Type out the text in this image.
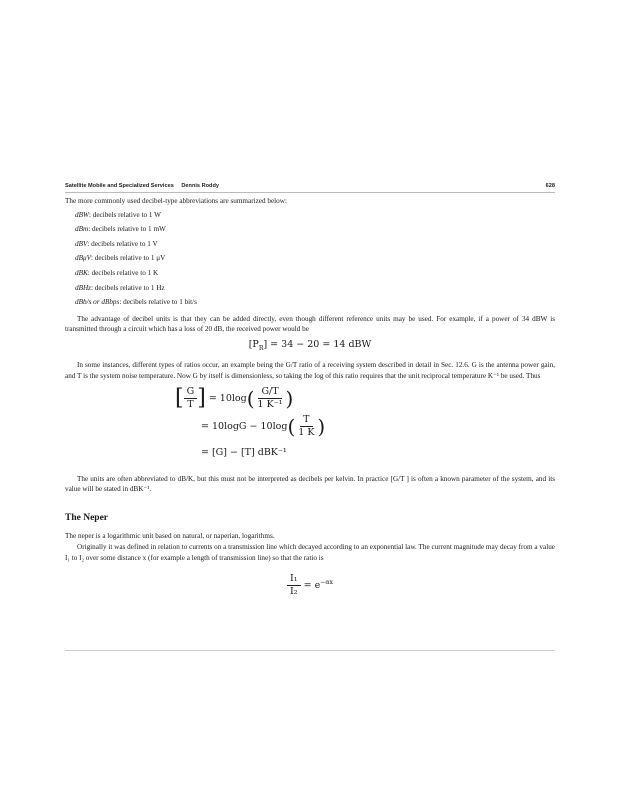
Satellite Mobile and Specialized Services Dennis Roddy	628

The more commonly used decibel-type abbreviations are summarized below:

dBW: decibels relative to 1 W
dBm: decibels relative to 1 mW
dBV: decibels relative to 1 V
dBμV: decibels relative to 1 μV
dBK: decibels relative to 1 K
dBHz: decibels relative to 1 Hz
dBb/s or dBbps: decibels relative to 1 bit/s

The advantage of decibel units is that they can be added directly, even though different reference units may be used. For example, if a power of 34 dBW is transmitted through a circuit which has a loss of 20 dB, the received power would be

$[P_R] = 34 - 20 = 14$ dBW

In some instances, different types of ratios occur, an example being the G/T ratio of a receiving system described in detail in Sec. 12.6. G is the antenna power gain, and T is the system noise temperature. Now G by itself is dimensionless, so taking the log of this ratio requires that the unit reciprocal temperature K⁻¹ be used. Thus

[ $\frac{G}{T}$ ] = $10\log( \frac{G/T}{\text{1 K⁻¹}}$ )
= $10\log G - 10\log( \frac{T}{1 K}$ )
= [G] − [T] dBK⁻¹

The units are often abbreviated to dB/K, but this must not be interpreted as decibels per kelvin. In practice [G/T ] is often a known parameter of the system, and its value will be stated in dBK⁻¹.

The Neper

The neper is a logarithmic unit based on natural, or naperian, logarithms.

Originally it was defined in relation to currents on a transmission line which decayed according to an exponential law. The current magnitude may decay from a value I₁ to I₂ over some distance x (for example a length of transmission line) so that the ratio is

$\frac{\text{I₁}}{\text{I₂}} = e^{-\alpha x}$
